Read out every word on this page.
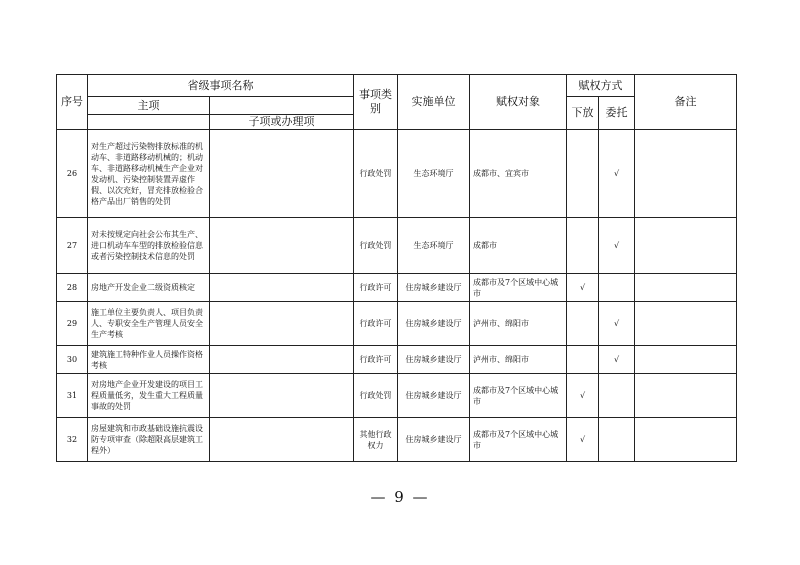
序号	省级事项名称		事项类别	实施单位	赋权对象	赋权方式		备注
	主项					下放	委托	
		子项或办理项						
26	对生产超过污染物排放标准的机动车、非道路移动机械的；机动车、非道路移动机械生产企业对发动机、污染控制装置弄虚作假、以次充好，冒充排放检验合格产品出厂销售的处罚		行政处罚	生态环境厅	成都市、宜宾市		√	
27	对未按规定向社会公布其生产、进口机动车车型的排放检验信息或者污染控制技术信息的处罚		行政处罚	生态环境厅	成都市		√	
28	房地产开发企业二级资质核定		行政许可	住房城乡建设厅	成都市及7个区域中心城市	√		
29	施工单位主要负责人、项目负责人、专职安全生产管理人员安全生产考核		行政许可	住房城乡建设厅	泸州市、绵阳市		√	
30	建筑施工特种作业人员操作资格考核		行政许可	住房城乡建设厅	泸州市、绵阳市		√	
31	对房地产企业开发建设的项目工程质量低劣，发生重大工程质量事故的处罚		行政处罚	住房城乡建设厅	成都市及7个区域中心城市	√		
32	房屋建筑和市政基础设施抗震设防专项审查（除超限高层建筑工程外）		其他行政权力	住房城乡建设厅	成都市及7个区域中心城市	√		
— 9 —
